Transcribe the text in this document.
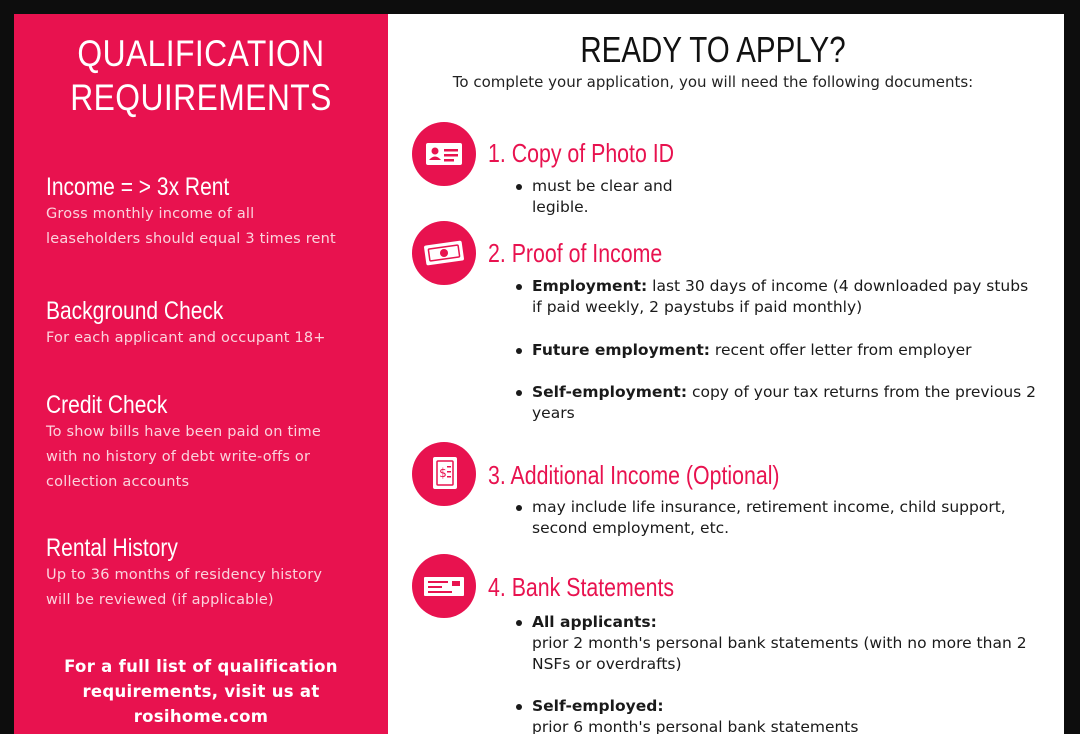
QUALIFICATION
REQUIREMENTS
Income = > 3x Rent
Gross monthly income of all
leaseholders should equal 3 times rent
Background Check
For each applicant and occupant 18+
Credit Check
To show bills have been paid on time
with no history of debt write-offs or
collection accounts
Rental History
Up to 36 months of residency history
will be reviewed (if applicable)
For a full list of qualification
requirements, visit us at
rosihome.com
READY TO APPLY?
To complete your application, you will need the following documents:
1. Copy of Photo ID
must be clear and
legible.
2. Proof of Income
Employment: last 30 days of income (4 downloaded pay stubs
if paid weekly, 2 paystubs if paid monthly)
Future employment: recent offer letter from employer
Self-employment: copy of your tax returns from the previous 2
years
$ 3. Additional Income (Optional)
may include life insurance, retirement income, child support,
second employment, etc.
4. Bank Statements
All applicants:
prior 2 month's personal bank statements (with no more than 2
NSFs or overdrafts)
Self-employed:
prior 6 month's personal bank statements
